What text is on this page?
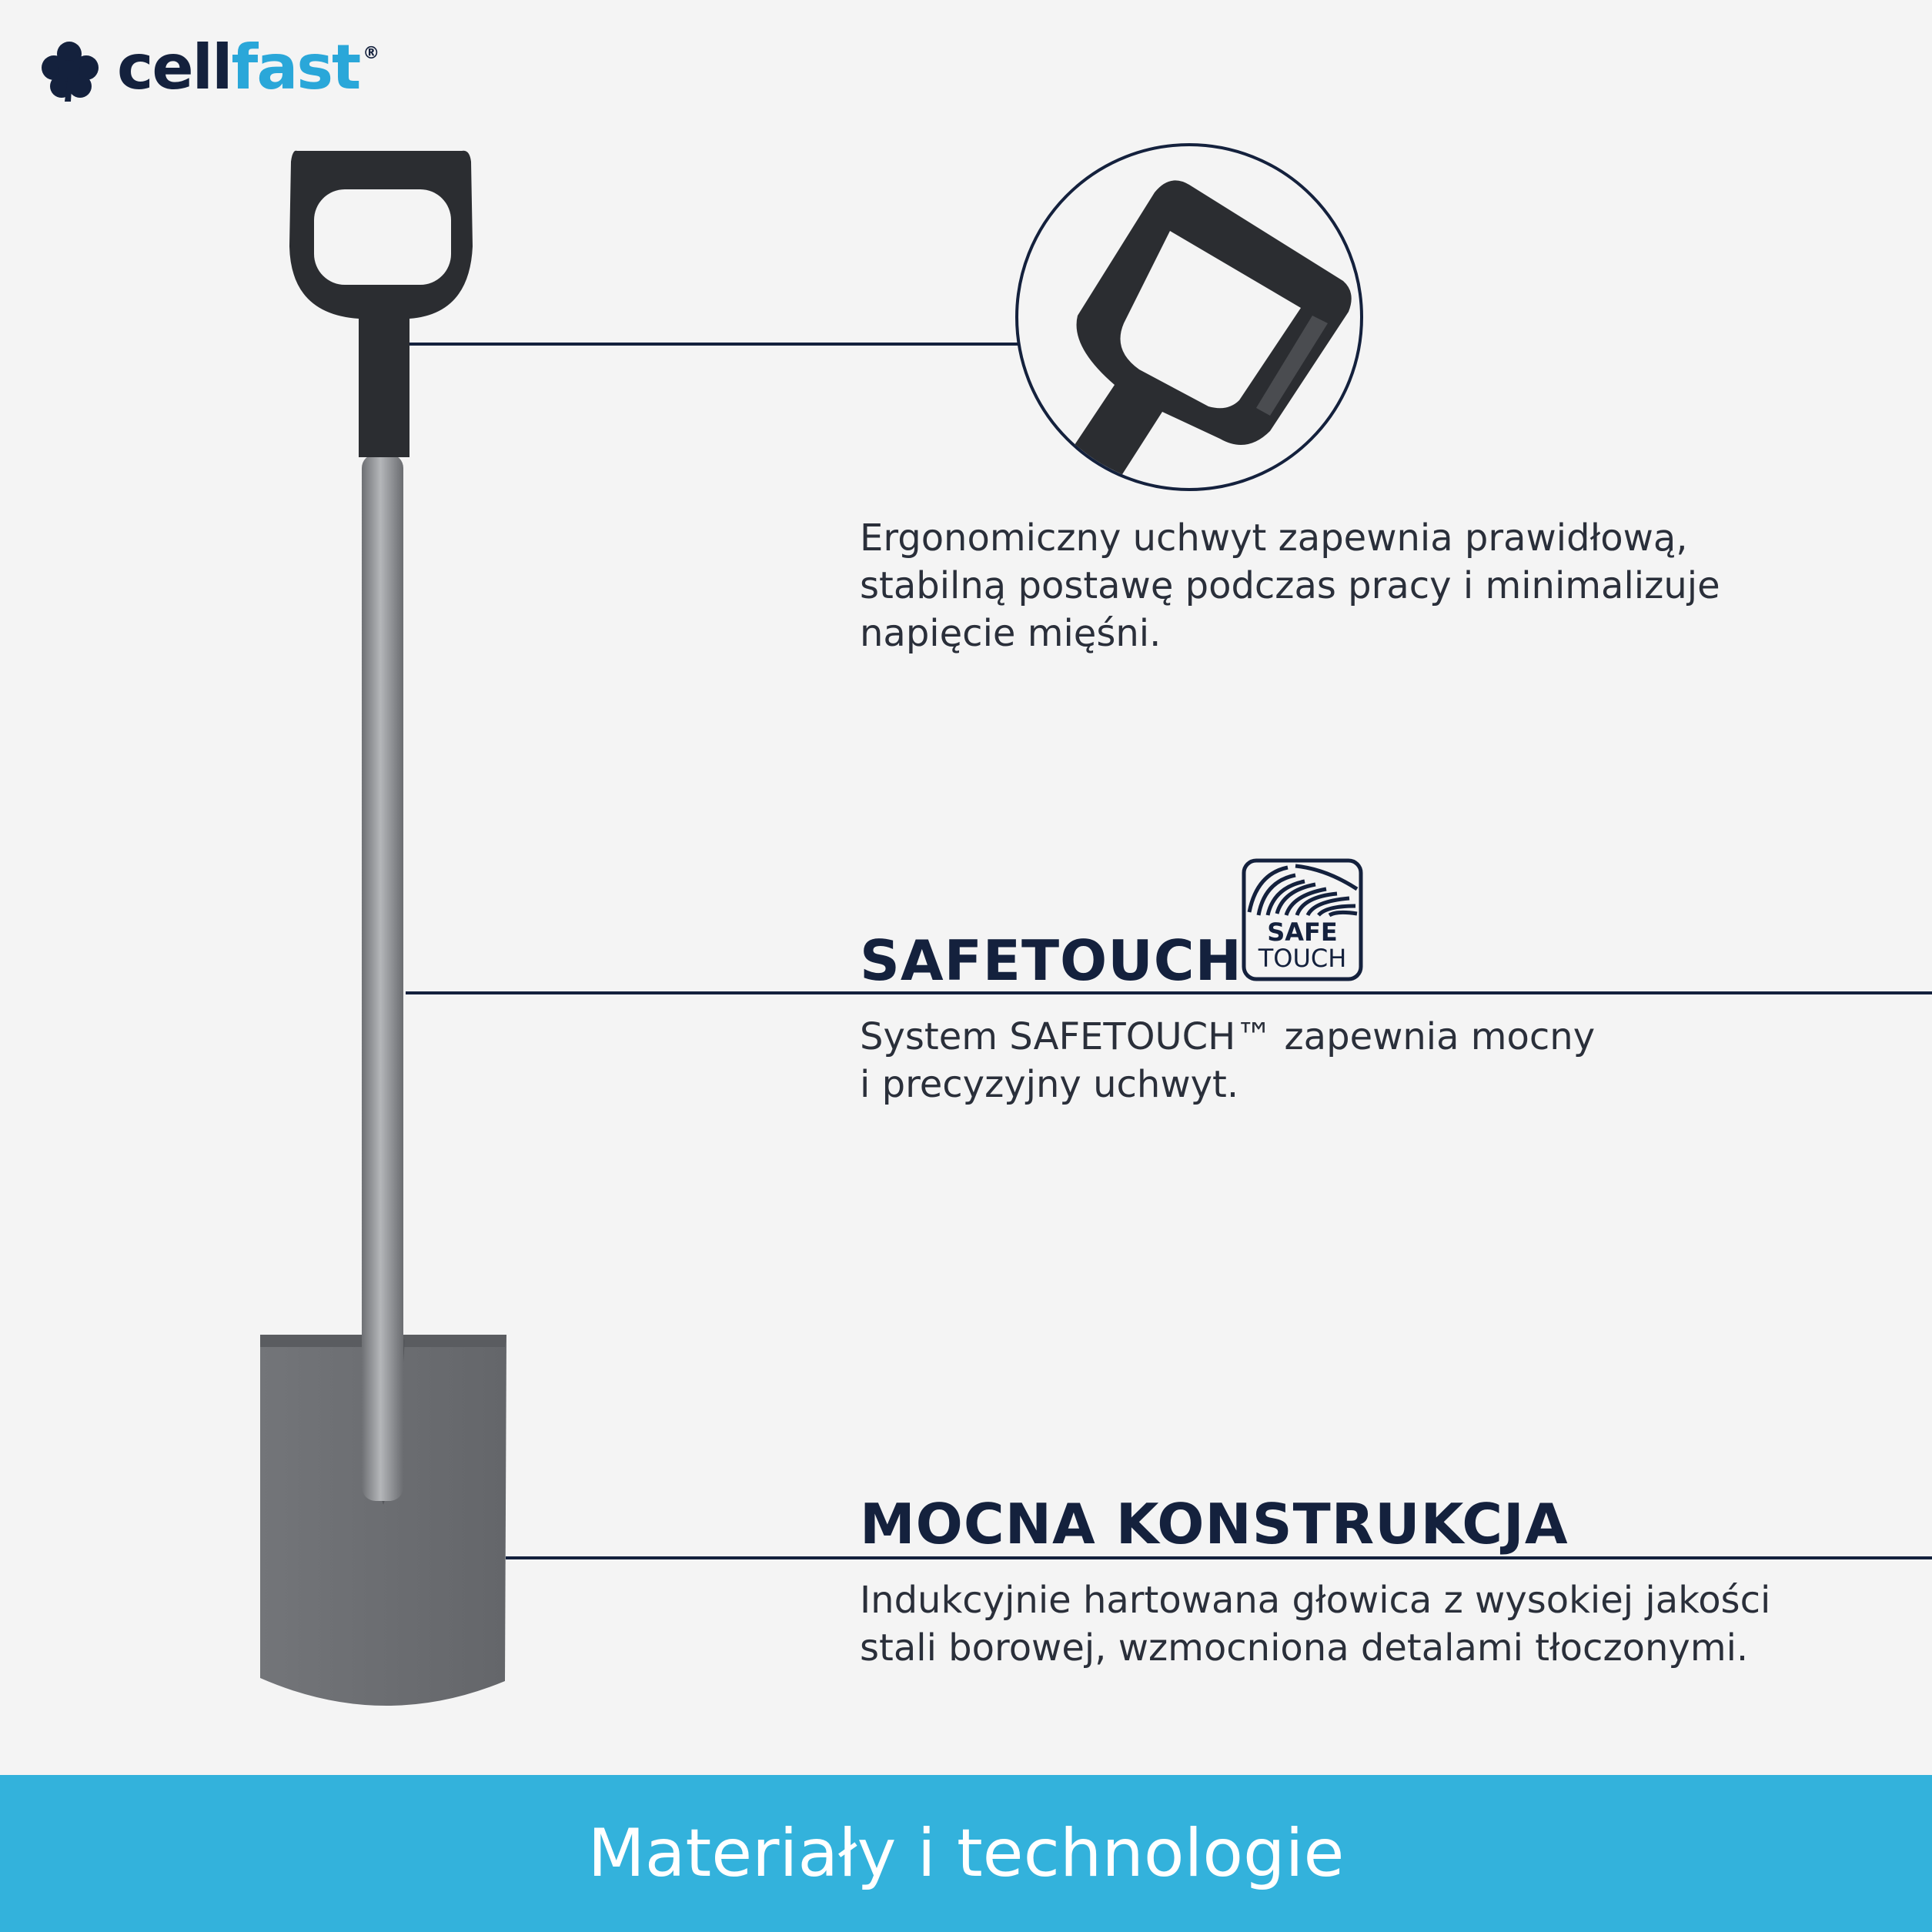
cellfast ®
Ergonomiczny uchwyt zapewnia prawidłową,
stabilną postawę podczas pracy i minimalizuje
napięcie mięśni.
SAFETOUCH	SAFE
TOUCH
System SAFETOUCH™ zapewnia mocny
i precyzyjny uchwyt.
MOCNA KONSTRUKCJA
Indukcyjnie hartowana głowica z wysokiej jakości
stali borowej, wzmocniona detalami tłoczonymi.
Materiały i technologie
